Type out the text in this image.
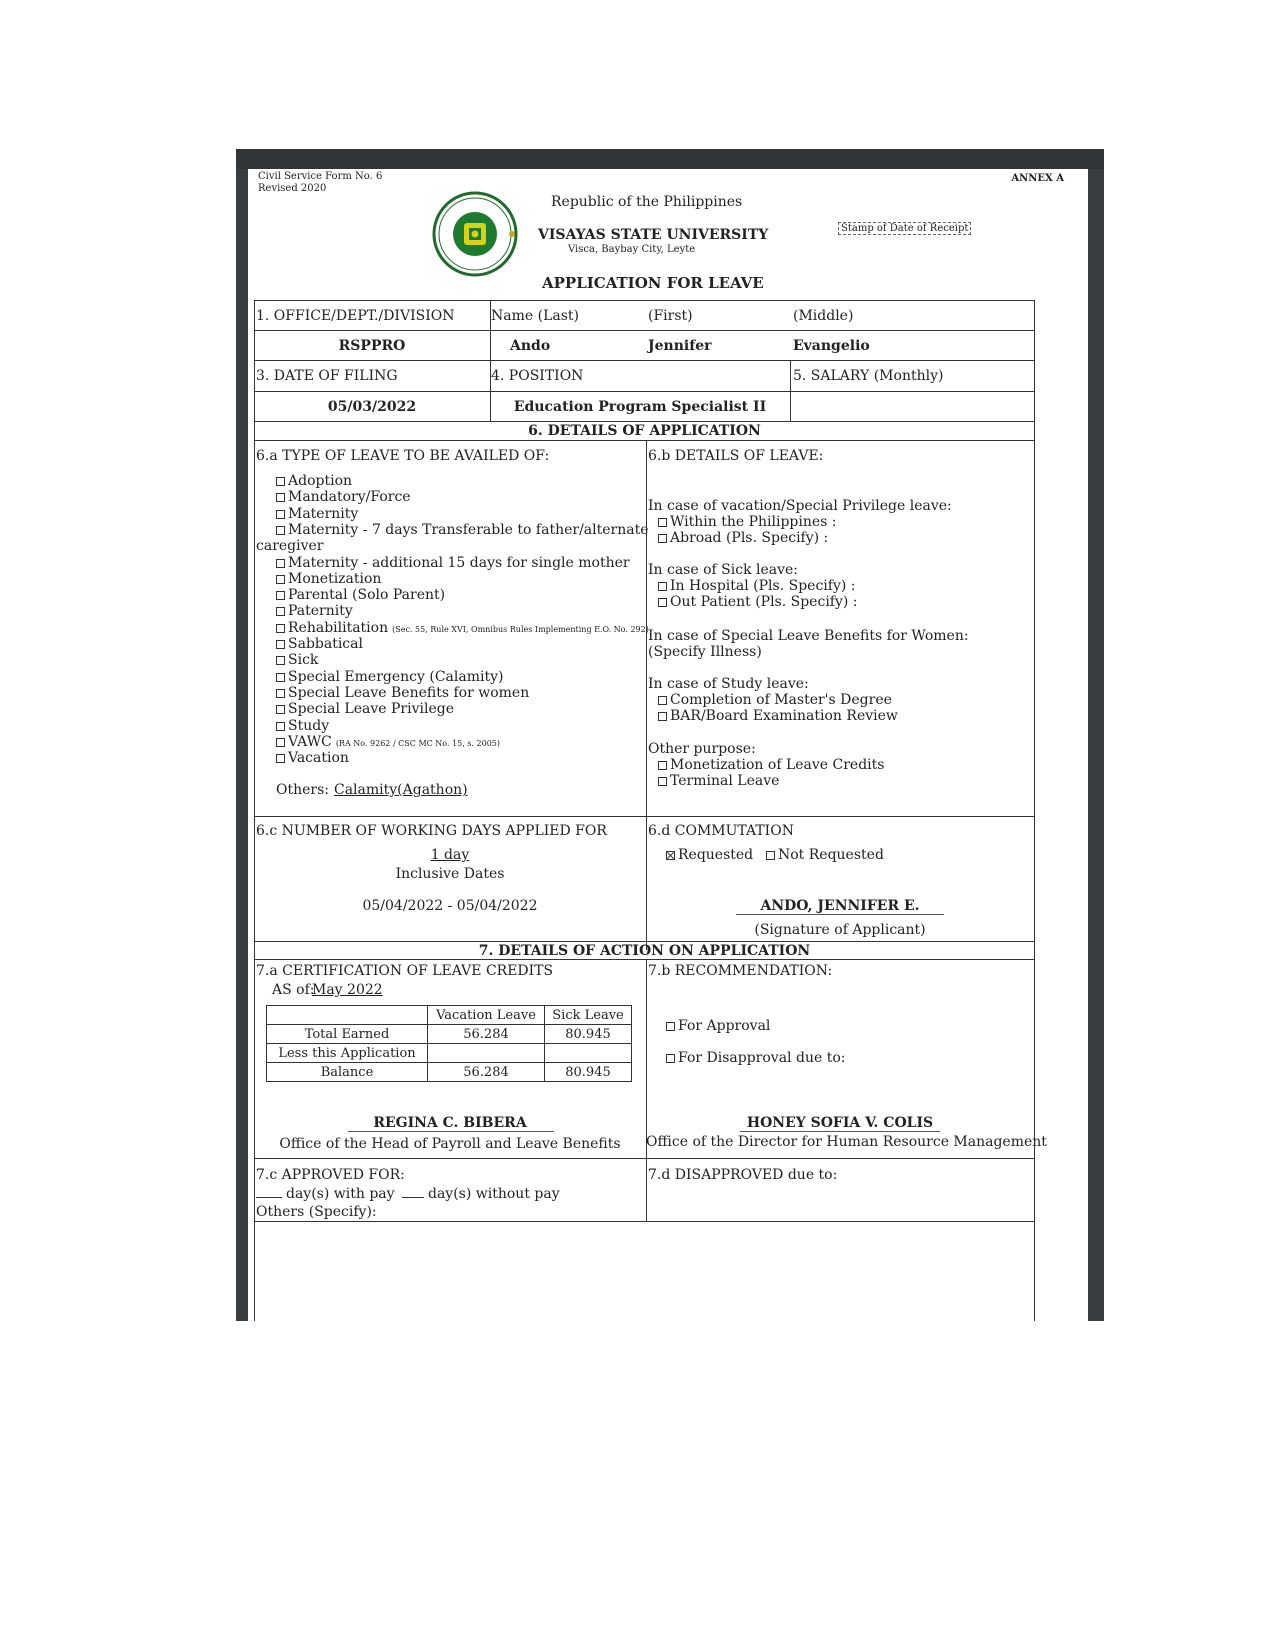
Civil Service Form No. 6
Revised 2020
ANNEX A
Republic of the Philippines
VISAYAS STATE UNIVERSITY
Visca, Baybay City, Leyte
Stamp of Date of Receipt
APPLICATION FOR LEAVE
1. OFFICE/DEPT./DIVISION	Name (Last)	(First)	(Middle)
RSPPRO	Ando	Jennifer	Evangelio
3. DATE OF FILING	4. POSITION	5. SALARY (Monthly)
05/03/2022	Education Program Specialist II
6. DETAILS OF APPLICATION
6.a TYPE OF LEAVE TO BE AVAILED OF:
Adoption
Mandatory/Force
Maternity
Maternity - 7 days Transferable to father/alternate
caregiver
Maternity - additional 15 days for single mother
Monetization
Parental (Solo Parent)
Paternity
Rehabilitation (Sec. 55, Rule XVI, Omnibus Rules Implementing E.O. No. 292)
Sabbatical
Sick
Special Emergency (Calamity)
Special Leave Benefits for women
Special Leave Privilege
Study
VAWC (RA No. 9262 / CSC MC No. 15, s. 2005)
Vacation
Others: Calamity(Agathon)
6.b DETAILS OF LEAVE:
In case of vacation/Special Privilege leave:
Within the Philippines :
Abroad (Pls. Specify) :
In case of Sick leave:
In Hospital (Pls. Specify) :
Out Patient (Pls. Specify) :
In case of Special Leave Benefits for Women:
(Specify Illness)
In case of Study leave:
Completion of Master's Degree
BAR/Board Examination Review
Other purpose:
Monetization of Leave Credits
Terminal Leave
6.c NUMBER OF WORKING DAYS APPLIED FOR
1 day
Inclusive Dates
05/04/2022 - 05/04/2022
6.d COMMUTATION
Requested	Not Requested
ANDO, JENNIFER E.
(Signature of Applicant)
7. DETAILS OF ACTION ON APPLICATION
7.a CERTIFICATION OF LEAVE CREDITS
AS of:
May 2022
	Vacation Leave	Sick Leave
Total Earned	56.284	80.945
Less this Application		
Balance	56.284	80.945
REGINA C. BIBERA
Office of the Head of Payroll and Leave Benefits
7.b RECOMMENDATION:
For Approval
For Disapproval due to:
HONEY SOFIA V. COLIS
Office of the Director for Human Resource Management
7.c APPROVED FOR:
day(s) with pay	day(s) without pay
Others (Specify):
7.d DISAPPROVED due to:
